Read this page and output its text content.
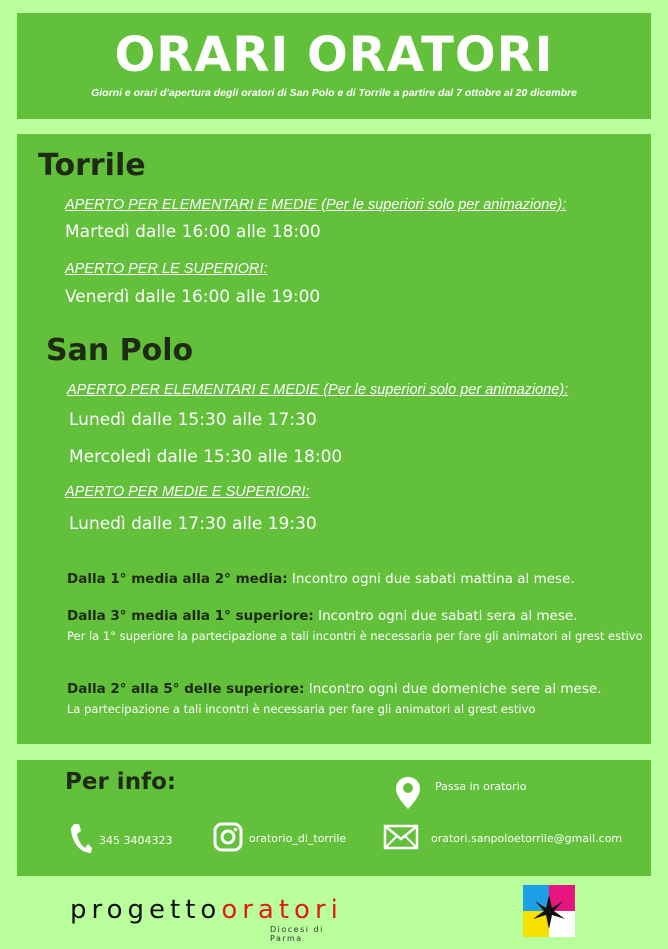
ORARI ORATORI
Giorni e orari d'apertura degli oratori di San Polo e di Torrile a partire dal 7 ottobre al 20 dicembre
Torrile
APERTO PER ELEMENTARI E MEDIE (Per le superiori solo per animazione):
Martedì dalle 16:00 alle 18:00
APERTO PER LE SUPERIORI:
Venerdì dalle 16:00 alle 19:00
San Polo
APERTO PER ELEMENTARI E MEDIE (Per le superiori solo per animazione):
Lunedì dalle 15:30 alle 17:30
Mercoledì dalle 15:30 alle 18:00
APERTO PER MEDIE E SUPERIORI:
Lunedì dalle 17:30 alle 19:30
Dalla 1° media alla 2° media: Incontro ogni due sabati mattina al mese.
Dalla 3° media alla 1° superiore: Incontro ogni due sabati sera al mese.
Per la 1° superiore la partecipazione a tali incontri è necessaria per fare gli animatori al grest estivo
Dalla 2° alla 5° delle superiore: Incontro ogni due domeniche sere al mese.
La partecipazione a tali incontri è necessaria per fare gli animatori al grest estivo
Per info:	Passa in oratorio
345 3404323	oratorio_di_torrile	oratori.sanpoloetorrile@gmail.com
progettooratori
Diocesi di Parma
